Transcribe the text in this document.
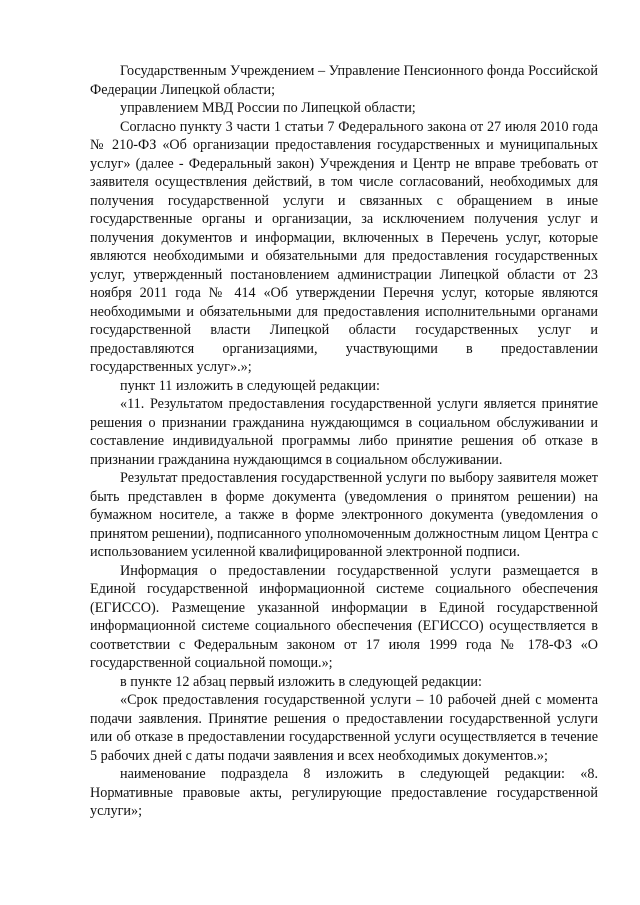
Государственным Учреждением – Управление Пенсионного фонда Российской Федерации Липецкой области;

управлением МВД России по Липецкой области;

Согласно пункту 3 части 1 статьи 7 Федерального закона от 27 июля 2010 года № 210-ФЗ «Об организации предоставления государственных и муниципальных услуг» (далее - Федеральный закон) Учреждения и Центр не вправе требовать от заявителя осуществления действий, в том числе согласований, необходимых для получения государственной услуги и связанных с обращением в иные государственные органы и организации, за исключением получения услуг и получения документов и информации, включенных в Перечень услуг, которые являются необходимыми и обязательными для предоставления государственных услуг, утвержденный постановлением администрации Липецкой области от 23 ноября 2011 года № 414 «Об утверждении Перечня услуг, которые являются необходимыми и обязательными для предоставления исполнительными органами государственной власти Липецкой области государственных услуг и предоставляются организациями, участвующими в предоставлении государственных услуг».»;

пункт 11 изложить в следующей редакции:

«11. Результатом предоставления государственной услуги является принятие решения о признании гражданина нуждающимся в социальном обслуживании и составление индивидуальной программы либо принятие решения об отказе в признании гражданина нуждающимся в социальном обслуживании.

Результат предоставления государственной услуги по выбору заявителя может быть представлен в форме документа (уведомления о принятом решении) на бумажном носителе, а также в форме электронного документа (уведомления о принятом решении), подписанного уполномоченным должностным лицом Центра с использованием усиленной квалифицированной электронной подписи.

Информация о предоставлении государственной услуги размещается в Единой государственной информационной системе социального обеспечения (ЕГИССО). Размещение указанной информации в Единой государственной информационной системе социального обеспечения (ЕГИССО) осуществляется в соответствии с Федеральным законом от 17 июля 1999 года № 178-ФЗ «О государственной социальной помощи.»;

в пункте 12 абзац первый изложить в следующей редакции:

«Срок предоставления государственной услуги – 10 рабочей дней с момента подачи заявления. Принятие решения о предоставлении государственной услуги или об отказе в предоставлении государственной услуги осуществляется в течение 5 рабочих дней с даты подачи заявления и всех необходимых документов.»;

наименование подраздела 8 изложить в следующей редакции: «8. Нормативные правовые акты, регулирующие предоставление государственной услуги»;
